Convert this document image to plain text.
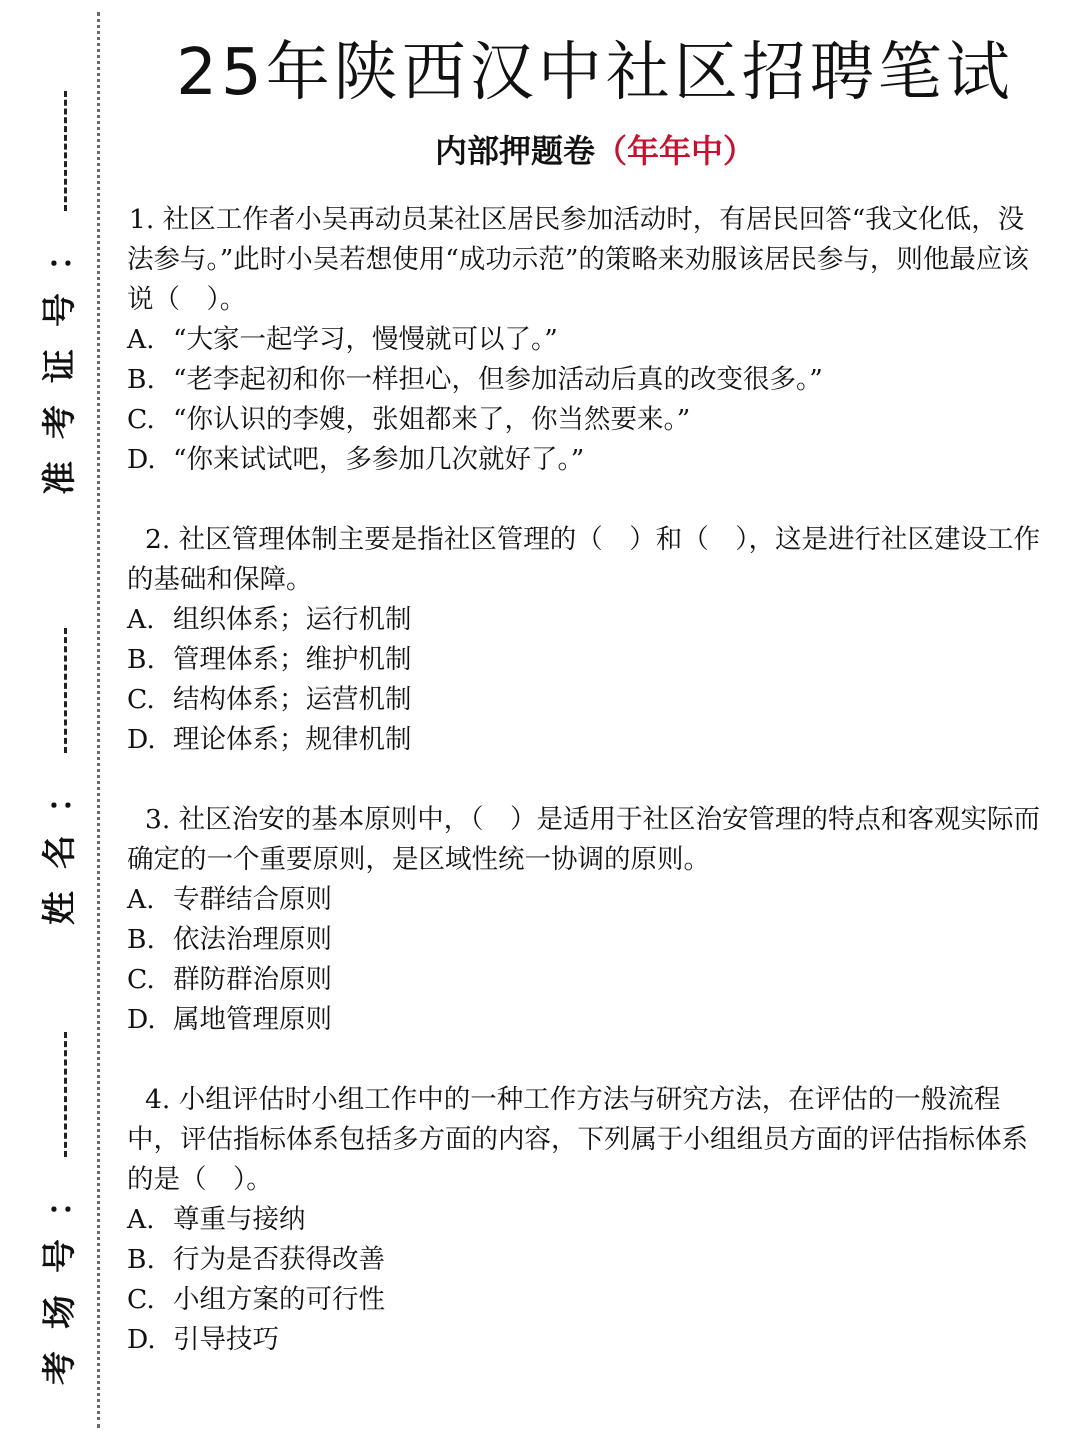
准考证号：
姓名：
考场号：
25年陕西汉中社区招聘笔试
内部押题卷（年年中）

1. 社区工作者小吴再动员某社区居民参加活动时，有居民回答“我文化低，没法参与。”此时小吴若想使用“成功示范”的策略来劝服该居民参与，则他最应该说（　）。

A. “大家一起学习，慢慢就可以了。”

B. “老李起初和你一样担心，但参加活动后真的改变很多。”

C. “你认识的李嫂，张姐都来了，你当然要来。”

D. “你来试试吧，多参加几次就好了。”

2. 社区管理体制主要是指社区管理的（　）和（　），这是进行社区建设工作的基础和保障。

A. 组织体系；运行机制

B. 管理体系；维护机制

C. 结构体系；运营机制

D. 理论体系；规律机制

3. 社区治安的基本原则中，（　）是适用于社区治安管理的特点和客观实际而确定的一个重要原则，是区域性统一协调的原则。

A. 专群结合原则

B. 依法治理原则

C. 群防群治原则

D. 属地管理原则

4. 小组评估时小组工作中的一种工作方法与研究方法，在评估的一般流程中，评估指标体系包括多方面的内容，下列属于小组组员方面的评估指标体系的是（　）。

A. 尊重与接纳

B. 行为是否获得改善

C. 小组方案的可行性

D. 引导技巧
